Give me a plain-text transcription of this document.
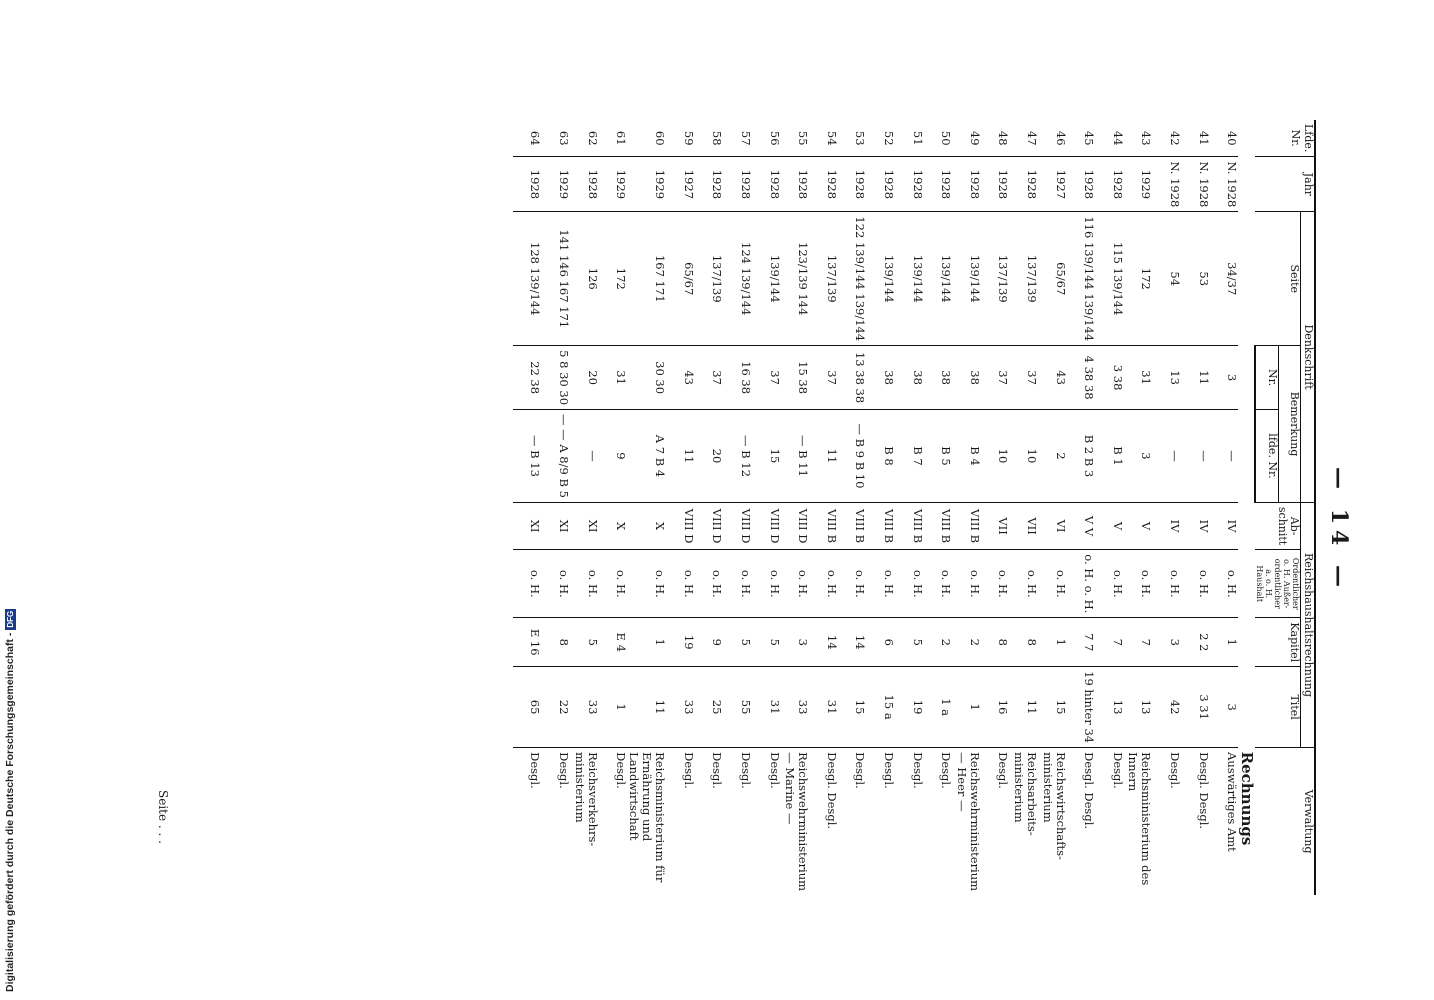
— 14 —
Lfde. Nr.	Jahr	Denkschrift			Reichshaushaltsrechnung				Verwaltung
		Seite	Bemerkung		Ab- schnitt	Ordentlicher o. H. Außer- ordentlicher a. o. H. Haushalt	Kapitel	Titel	
			Nr.	lfde. Nr.					
									Rechnungs
40	N. 1928	34/37	3	—	IV	o. H.	1	3	Auswärtiges Amt
41	N. 1928	53	11	—	IV	o. H.	2 2	3 31	Desgl. Desgl.
42	N. 1928	54	13	—	IV	o. H.	3	42	Desgl.
43	1929	172	31	3	V	o. H.	7	13	Reichsministerium des Innern
44	1928	115 139/144	3 38	B 1	V	o. H.	7	13	Desgl.
45	1928	116 139/144 139/144	4 38 38	B 2 B 3	V V	o. H. o. H.	7 7	19 hinter 34	Desgl. Desgl.
46	1927	65/67	43	2	VI	o. H.	1	15	Reichswirtschafts- ministerium
47	1928	137/139	37	10	VII	o. H.	8	11	Reichsarbeits- ministerium
48	1928	137/139	37	10	VII	o. H.	8	16	Desgl.
49	1928	139/144	38	B 4	VIII B	o. H.	2	1	Reichswehrministerium — Heer —
50	1928	139/144	38	B 5	VIII B	o. H.	2	1 a	Desgl.
51	1928	139/144	38	B 7	VIII B	o. H.	5	19	Desgl.
52	1928	139/144	38	B 8	VIII B	o. H.	6	15 a	Desgl.
53	1928	122 139/144 139/144	13 38 38	— B 9 B 10	VIII B	o. H.	14	15	Desgl.
54	1928	137/139	37	11	VIII B	o. H.	14	31	Desgl. Desgl.
55	1928	123/139 144	15 38	— B 11	VIII D	o. H.	3	33	Reichswehrministerium — Marine —
56	1928	139/144	37	15	VIII D	o. H.	5	31	Desgl.
57	1928	124 139/144	16 38	— B 12	VIII D	o. H.	5	55	Desgl.
58	1928	137/139	37	20	VIII D	o. H.	9	25	Desgl.
59	1927	65/67	43	11	VIII D	o. H.	19	33	Desgl.
60	1929	167 171	30 30	A 7 B 4	X	o. H.	1	11	Reichsministerium für Ernährung und Landwirtschaft
61	1929	172	31	9	X	o. H.	E 4	1	Desgl.
62	1928	126	20	—	XI	o. H.	5	33	Reichsverkehrs- ministerium
63	1929	141 146 167 171	5 8 30 30	— — A 8/9 B 5	XI	o. H.	8	22	Desgl.
64	1928	128 139/144	22 38	— B 13	XI	o. H.	E 16	65	Desgl.
Seite . . .
Digitalisierung gefördert durch die Deutsche Forschungsgemeinschaft -DFG
